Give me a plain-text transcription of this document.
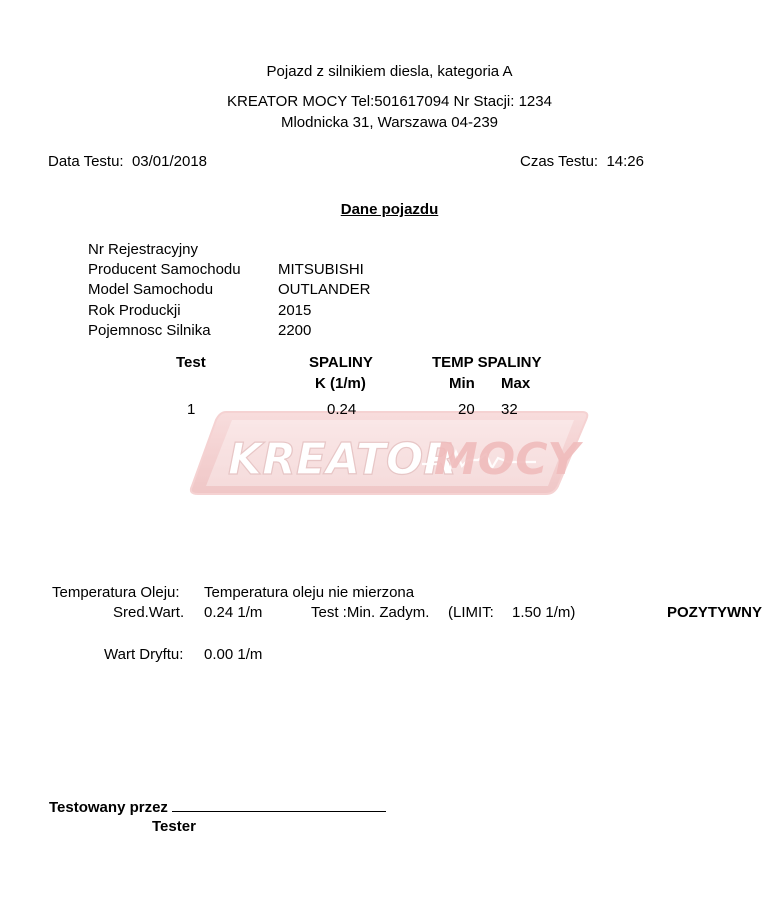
Pojazd z silnikiem diesla, kategoria A
KREATOR MOCY Tel:501617094 Nr Stacji: 1234
Mlodnicka 31, Warszawa 04-239
Data Testu: 03/01/2018	Czas Testu: 14:26
Dane pojazdu
Nr Rejestracyjny
Producent Samochodu MITSUBISHI
Model Samochodu	OUTLANDER
Rok Produckji	2015
Pojemnosc Silnika	2200
KREATOR
MOCY
Test	SPALINY
K (1/m)
TEMP SPALINY
Min Max
1	0.24	20 32
Temperatura Oleju: Temperatura oleju nie mierzona
Sred.Wart. 0.24 1/m	Test :Min. Zadym. (LIMIT: 1.50 1/m)	POZYTYWNY
Wart Dryftu: 0.00 1/m
Testowany przez
Tester
